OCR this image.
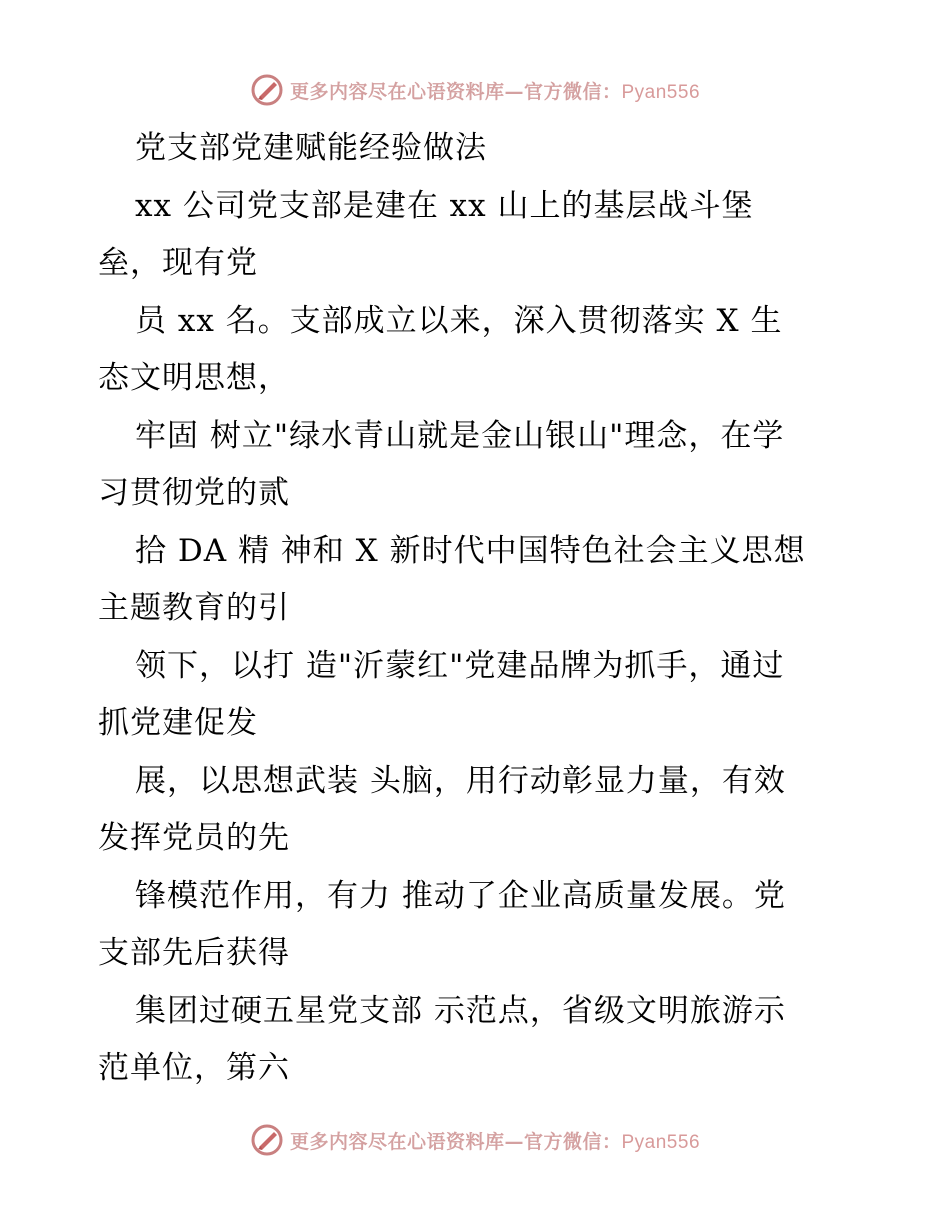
更多内容尽在心语资料库—官方微信：Pyan556
党支部党建赋能经验做法
xx 公司党支部是建在 xx 山上的基层战斗堡
垒，现有党
员 xx 名。支部成立以来，深入贯彻落实 X 生
态文明思想，
牢固 树立"绿水青山就是金山银山"理念，在学
习贯彻党的贰
拾 DA 精 神和 X 新时代中国特色社会主义思想
主题教育的引
领下，以打 造"沂蒙红"党建品牌为抓手，通过
抓党建促发
展，以思想武装 头脑，用行动彰显力量，有效
发挥党员的先
锋模范作用，有力 推动了企业高质量发展。党
支部先后获得
集团过硬五星党支部 示范点，省级文明旅游示
范单位，第六
更多内容尽在心语资料库—官方微信：Pyan556
